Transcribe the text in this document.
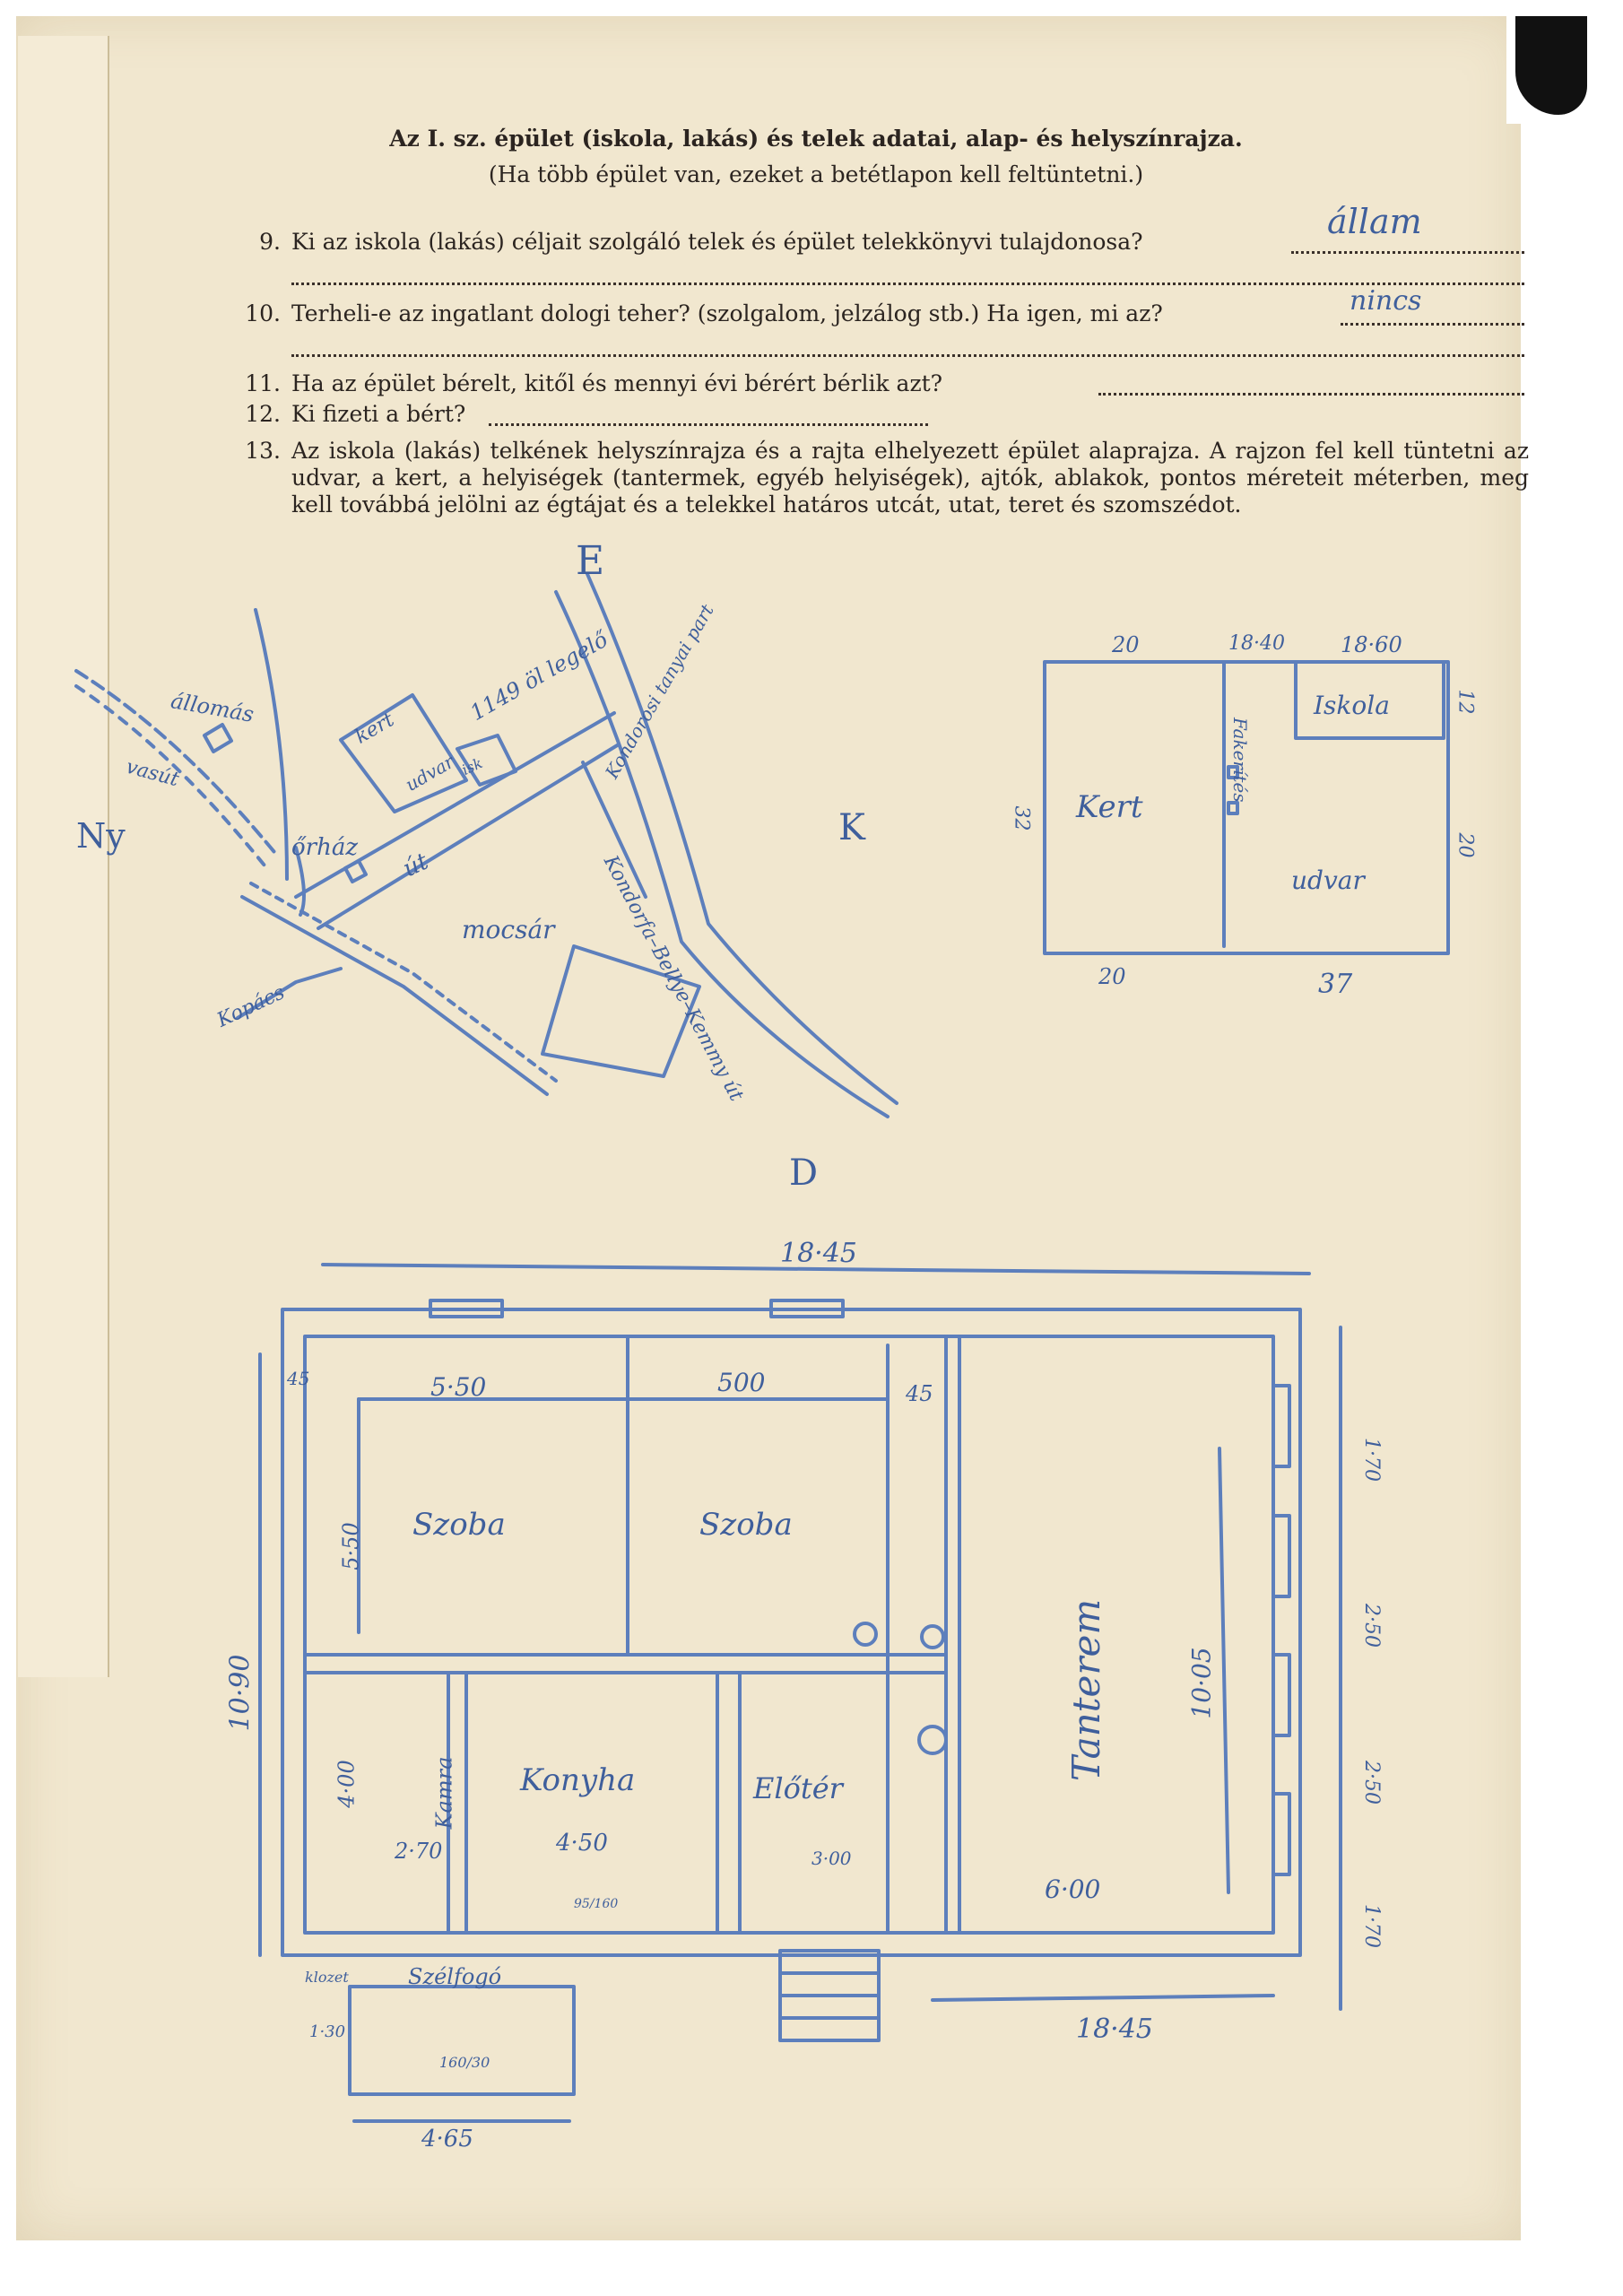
Az I. sz. épület (iskola, lakás) és telek adatai, alap- és helyszínrajza.
(Ha több épület van, ezeket a betétlapon kell feltüntetni.)
9. Ki az iskola (lakás) céljait szolgáló telek és épület telekkönyvi tulajdonosa?
állam
10. Terheli-e az ingatlant dologi teher? (szolgalom, jelzálog stb.) Ha igen, mi az?	nincs
11. Ha az épület bérelt, kitől és mennyi évi bérért bérlik azt?
12. Ki fizeti a bért?
13. Az iskola (lakás) telkének helyszínrajza és a rajta elhelyezett épület alaprajza. A rajzon fel kell tüntetni az udvar, a kert, a helyiségek (tantermek, egyéb helyiségek), ajtók, ablakok, pontos méreteit méterben, meg kell továbbá jelölni az égtájat és a telekkel határos utcát, utat, teret és szomszédot.
E
K
D
Ny
állomás
vasút
őrház
kert
udvar isk
1149 öl legelő
út
mocsár
Kopács	Kondorfa–Bellye–Kemmy út
Kondorosi tanyai part	20	18·40	18·60
20	37
32
12
20
Iskola
Kert
udvar
Fakerítés
18·45
18·45
10·90
5·50	500
45
45
5·50 Szoba	Szoba
Kamra
4·00
2·70
Konyha
4·50
Előtér
3·00
Tanterem	10·05
6·00
95/160
klozet	Szélfogó
4·65
1·30
160/30
1·70
2·50
2·50
1·70
